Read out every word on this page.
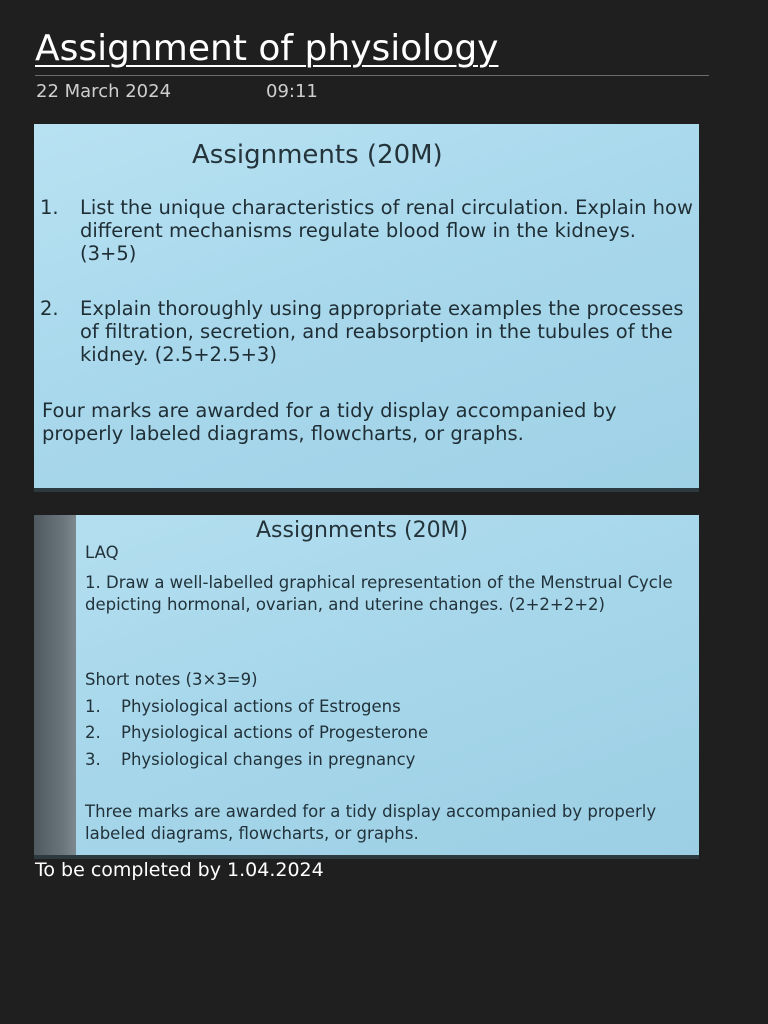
Assignment of physiology
22 March 2024	09:11
Assignments (20M)
1. List the unique characteristics of renal circulation. Explain how different mechanisms regulate blood flow in the kidneys. (3+5)
2. Explain thoroughly using appropriate examples the processes of filtration, secretion, and reabsorption in the tubules of the kidney. (2.5+2.5+3)
Four marks are awarded for a tidy display accompanied by properly labeled diagrams, flowcharts, or graphs.
Assignments (20M)
LAQ
1. Draw a well-labelled graphical representation of the Menstrual Cycle depicting hormonal, ovarian, and uterine changes. (2+2+2+2)
Short notes (3×3=9)
1. Physiological actions of Estrogens
2. Physiological actions of Progesterone
3. Physiological changes in pregnancy
Three marks are awarded for a tidy display accompanied by properly labeled diagrams, flowcharts, or graphs.
To be completed by 1.04.2024
